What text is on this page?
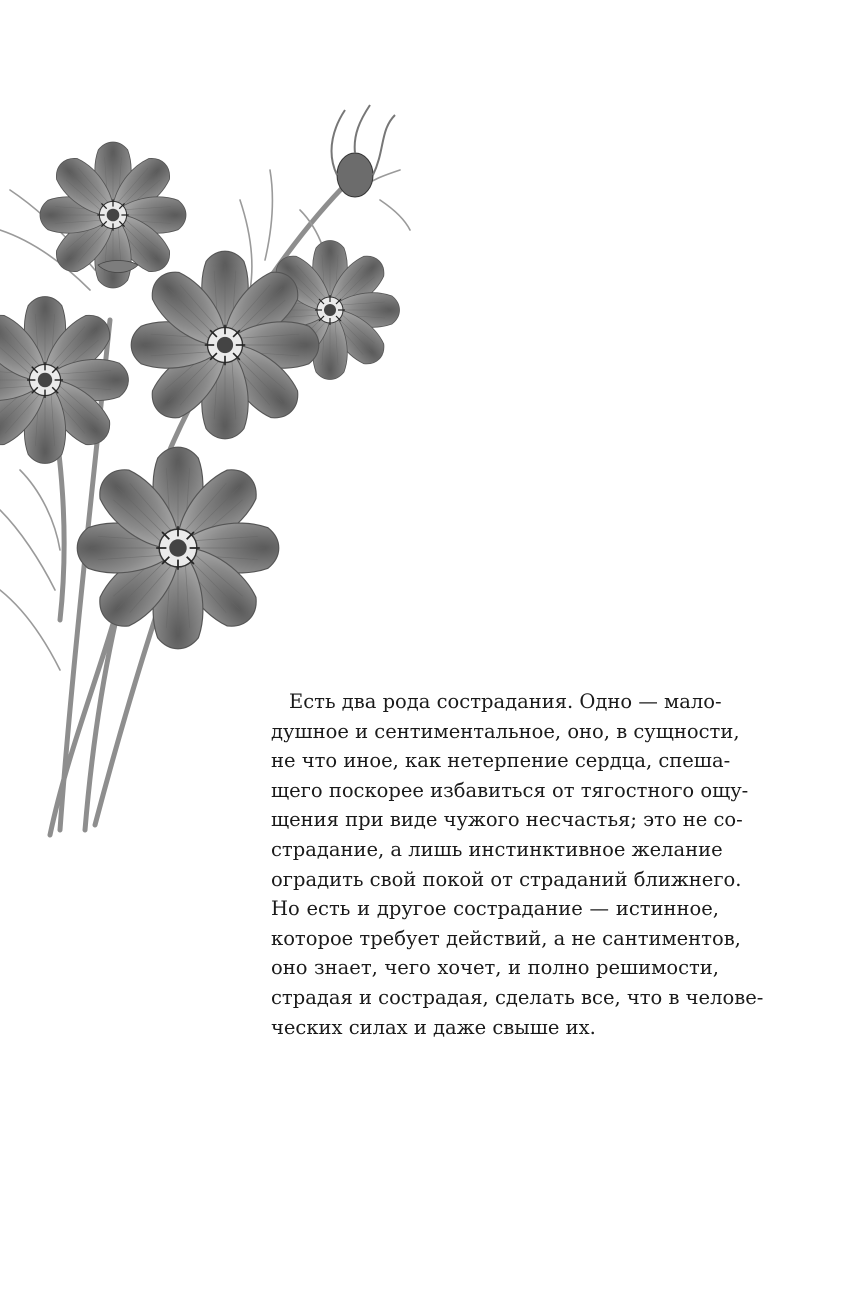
Есть два рода сострадания. Одно — мало-
душное и сентиментальное, оно, в сущности,
не что иное, как нетерпение сердца, спеша-
щего поскорее избавиться от тягостного ощу-
щения при виде чужого несчастья; это не со-
страдание, а лишь инстинктивное желание
оградить свой покой от страданий ближнего.
Но есть и другое сострадание — истинное,
которое требует действий, а не сантиментов,
оно знает, чего хочет, и полно решимости,
страдая и сострадая, сделать все, что в челове-
ческих силах и даже свыше их.
